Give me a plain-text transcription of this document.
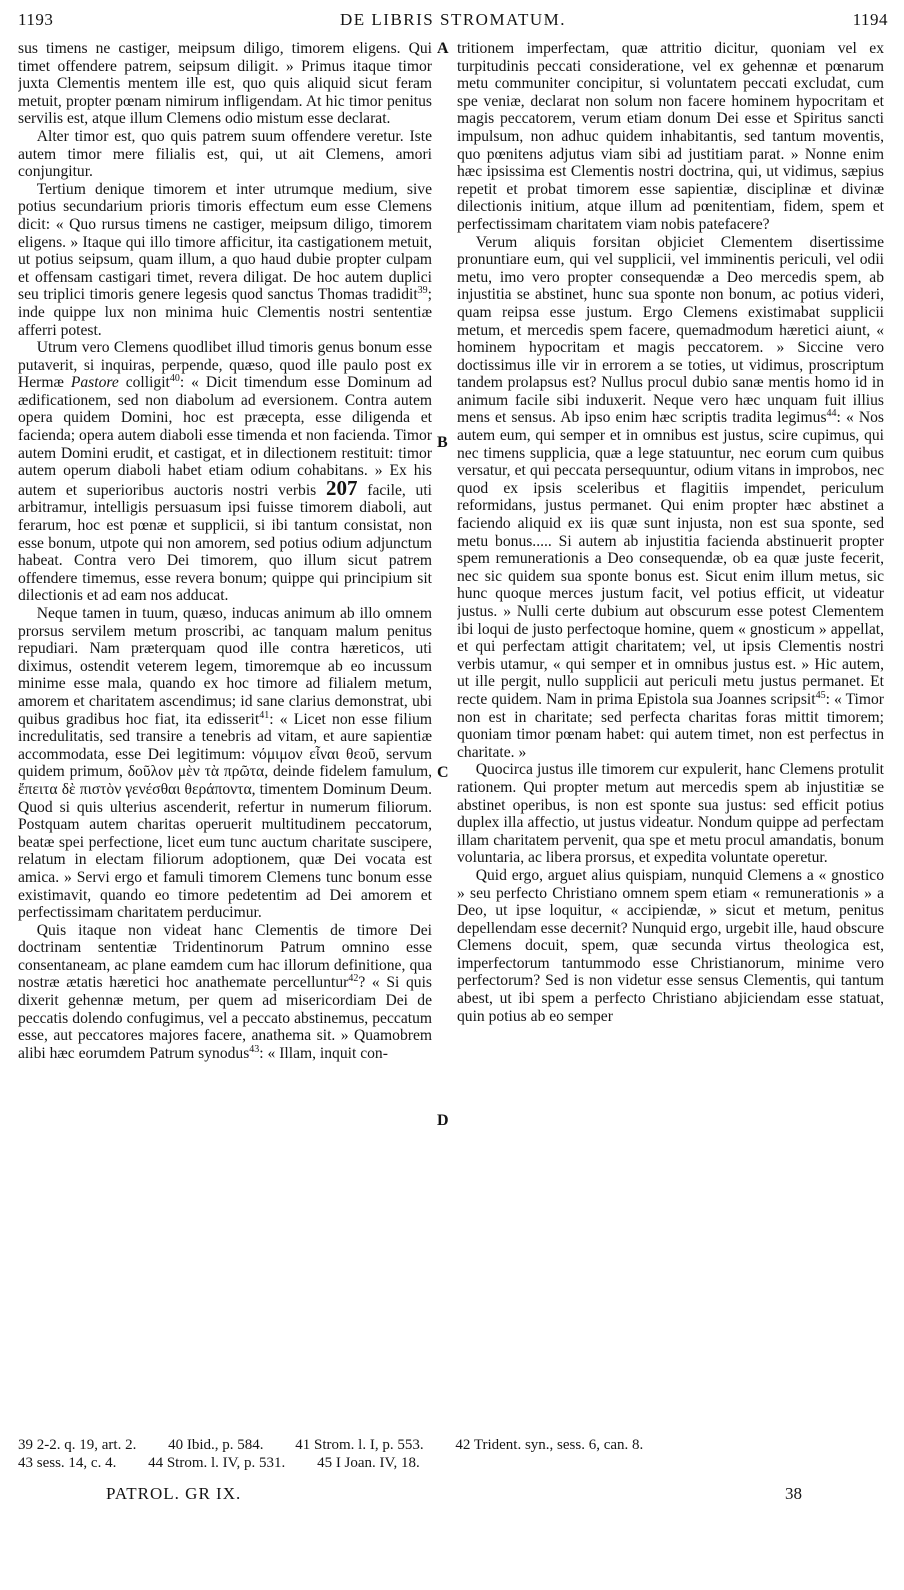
1193	DE LIBRIS STROMATUM.	1194

sus timens ne castiger, meipsum diligo, timorem eligens. Qui timet offendere patrem, seipsum diligit. » Primus itaque timor juxta Clementis mentem ille est, quo quis aliquid sicut feram metuit, propter pœnam nimirum infligendam. At hic timor penitus servilis est, atque illum Clemens odio mistum esse declarat.

Alter timor est, quo quis patrem suum offendere veretur. Iste autem timor mere filialis est, qui, ut ait Clemens, amori conjungitur.

Tertium denique timorem et inter utrumque medium, sive potius secundarium prioris timoris effectum eum esse Clemens dicit: « Quo rursus timens ne castiger, meipsum diligo, timorem eligens. » Itaque qui illo timore afficitur, ita castigationem metuit, ut potius seipsum, quam illum, a quo haud dubie propter culpam et offensam castigari timet, revera diligat. De hoc autem duplici seu triplici timoris genere legesis quod sanctus Thomas tradidit$^{39}$; inde quippe lux non minima huic Clementis nostri sententiæ afferri potest.

Utrum vero Clemens quodlibet illud timoris genus bonum esse putaverit, si inquiras, perpende, quæso, quod ille paulo post ex Hermæ Pastore colligit$^{40}$: « Dicit timendum esse Dominum ad ædificationem, sed non diabolum ad eversionem. Contra autem opera quidem Domini, hoc est præcepta, esse diligenda et facienda; opera autem diaboli esse timenda et non facienda. Timor autem Domini erudit, et castigat, et in dilectionem restituit: timor autem operum diaboli habet etiam odium cohabitans. » Ex his autem et superioribus auctoris nostri verbis 207 facile, uti arbitramur, intelligis persuasum ipsi fuisse timorem diaboli, aut ferarum, hoc est pœnæ et supplicii, si ibi tantum consistat, non esse bonum, utpote qui non amorem, sed potius odium adjunctum habeat. Contra vero Dei timorem, quo illum sicut patrem offendere timemus, esse revera bonum; quippe qui principium sit dilectionis et ad eam nos adducat.

Neque tamen in tuum, quæso, inducas animum ab illo omnem prorsus servilem metum proscribi, ac tanquam malum penitus repudiari. Nam præterquam quod ille contra hæreticos, uti diximus, ostendit veterem legem, timoremque ab eo incussum minime esse mala, quando ex hoc timore ad filialem metum, amorem et charitatem ascendimus; id sane clarius demonstrat, ubi quibus gradibus hoc fiat, ita edisserit$^{41}$: « Licet non esse filium incredulitatis, sed transire a tenebris ad vitam, et aure sapientiæ accommodata, esse Dei legitimum: νόμιμον εἶναι θεοῦ, servum quidem primum, δοῦλον μὲν τὰ πρῶτα, deinde fidelem famulum, ἔπειτα δὲ πιστὸν γενέσθαι θεράποντα, timentem Dominum Deum. Quod si quis ulterius ascenderit, refertur in numerum filiorum. Postquam autem charitas operuerit multitudinem peccatorum, beatæ spei perfectione, licet eum tunc auctum charitate suscipere, relatum in electam filiorum adoptionem, quæ Dei vocata est amica. » Servi ergo et famuli timorem Clemens tunc bonum esse existimavit, quando eo timore pedetentim ad Dei amorem et perfectissimam charitatem perducimur.

Quis itaque non videat hanc Clementis de timore Dei doctrinam sententiæ Tridentinorum Patrum omnino esse consentaneam, ac plane eamdem cum hac illorum definitione, qua nostræ ætatis hæretici hoc anathemate percelluntur$^{42}$? « Si quis dixerit gehennæ metum, per quem ad misericordiam Dei de peccatis dolendo confugimus, vel a peccato abstinemus, peccatum esse, aut peccatores majores facere, anathema sit. » Quamobrem alibi hæc eorumdem Patrum synodus$^{43}$: « Illam, inquit con-

A
B
C
D

tritionem imperfectam, quæ attritio dicitur, quoniam vel ex turpitudinis peccati consideratione, vel ex gehennæ et pœnarum metu communiter concipitur, si voluntatem peccati excludat, cum spe veniæ, declarat non solum non facere hominem hypocritam et magis peccatorem, verum etiam donum Dei esse et Spiritus sancti impulsum, non adhuc quidem inhabitantis, sed tantum moventis, quo pœnitens adjutus viam sibi ad justitiam parat. » Nonne enim hæc ipsissima est Clementis nostri doctrina, qui, ut vidimus, sæpius repetit et probat timorem esse sapientiæ, disciplinæ et divinæ dilectionis initium, atque illum ad pœnitentiam, fidem, spem et perfectissimam charitatem viam nobis patefacere?

Verum aliquis forsitan objiciet Clementem disertissime pronuntiare eum, qui vel supplicii, vel imminentis periculi, vel odii metu, imo vero propter consequendæ a Deo mercedis spem, ab injustitia se abstinet, hunc sua sponte non bonum, ac potius videri, quam reipsa esse justum. Ergo Clemens existimabat supplicii metum, et mercedis spem facere, quemadmodum hæretici aiunt, « hominem hypocritam et magis peccatorem. » Siccine vero doctissimus ille vir in errorem a se toties, ut vidimus, proscriptum tandem prolapsus est? Nullus procul dubio sanæ mentis homo id in animum facile sibi induxerit. Neque vero hæc unquam fuit illius mens et sensus. Ab ipso enim hæc scriptis tradita legimus$^{44}$: « Nos autem eum, qui semper et in omnibus est justus, scire cupimus, qui nec timens supplicia, quæ a lege statuuntur, nec eorum cum quibus versatur, et qui peccata persequuntur, odium vitans in improbos, nec quod ex ipsis sceleribus et flagitiis impendet, periculum reformidans, justus permanet. Qui enim propter hæc abstinet a faciendo aliquid ex iis quæ sunt injusta, non est sua sponte, sed metu bonus..... Si autem ab injustitia facienda abstinuerit propter spem remunerationis a Deo consequendæ, ob ea quæ juste fecerit, nec sic quidem sua sponte bonus est. Sicut enim illum metus, sic hunc quoque merces justum facit, vel potius efficit, ut videatur justus. » Nulli certe dubium aut obscurum esse potest Clementem ibi loqui de justo perfectoque homine, quem « gnosticum » appellat, et qui perfectam attigit charitatem; vel, ut ipsis Clementis nostri verbis utamur, « qui semper et in omnibus justus est. » Hic autem, ut ille pergit, nullo supplicii aut periculi metu justus permanet. Et recte quidem. Nam in prima Epistola sua Joannes scripsit$^{45}$: « Timor non est in charitate; sed perfecta charitas foras mittit timorem; quoniam timor pœnam habet: qui autem timet, non est perfectus in charitate. »

Quocirca justus ille timorem cur expulerit, hanc Clemens protulit rationem. Qui propter metum aut mercedis spem ab injustitiæ se abstinet operibus, is non est sponte sua justus: sed efficit potius duplex illa affectio, ut justus videatur. Nondum quippe ad perfectam illam charitatem pervenit, qua spe et metu procul amandatis, bonum voluntaria, ac libera prorsus, et expedita voluntate operetur.

Quid ergo, arguet alius quispiam, nunquid Clemens a « gnostico » seu perfecto Christiano omnem spem etiam « remunerationis » a Deo, ut ipse loquitur, « accipiendæ, » sicut et metum, penitus depellendam esse decernit? Nunquid ergo, urgebit ille, haud obscure Clemens docuit, spem, quæ secunda virtus theologica est, imperfectorum tantummodo esse Christianorum, minime vero perfectorum? Sed is non videtur esse sensus Clementis, qui tantum abest, ut ibi spem a perfecto Christiano abjiciendam esse statuat, quin potius ab eo semper

39 2-2. q. 19, art. 2. 40 Ibid., p. 584. 41 Strom. l. I, p. 553. 42 Trident. syn., sess. 6, can. 8.
43 sess. 14, c. 4. 44 Strom. l. IV, p. 531. 45 I Joan. IV, 18.
PATROL. GR IX.	38
